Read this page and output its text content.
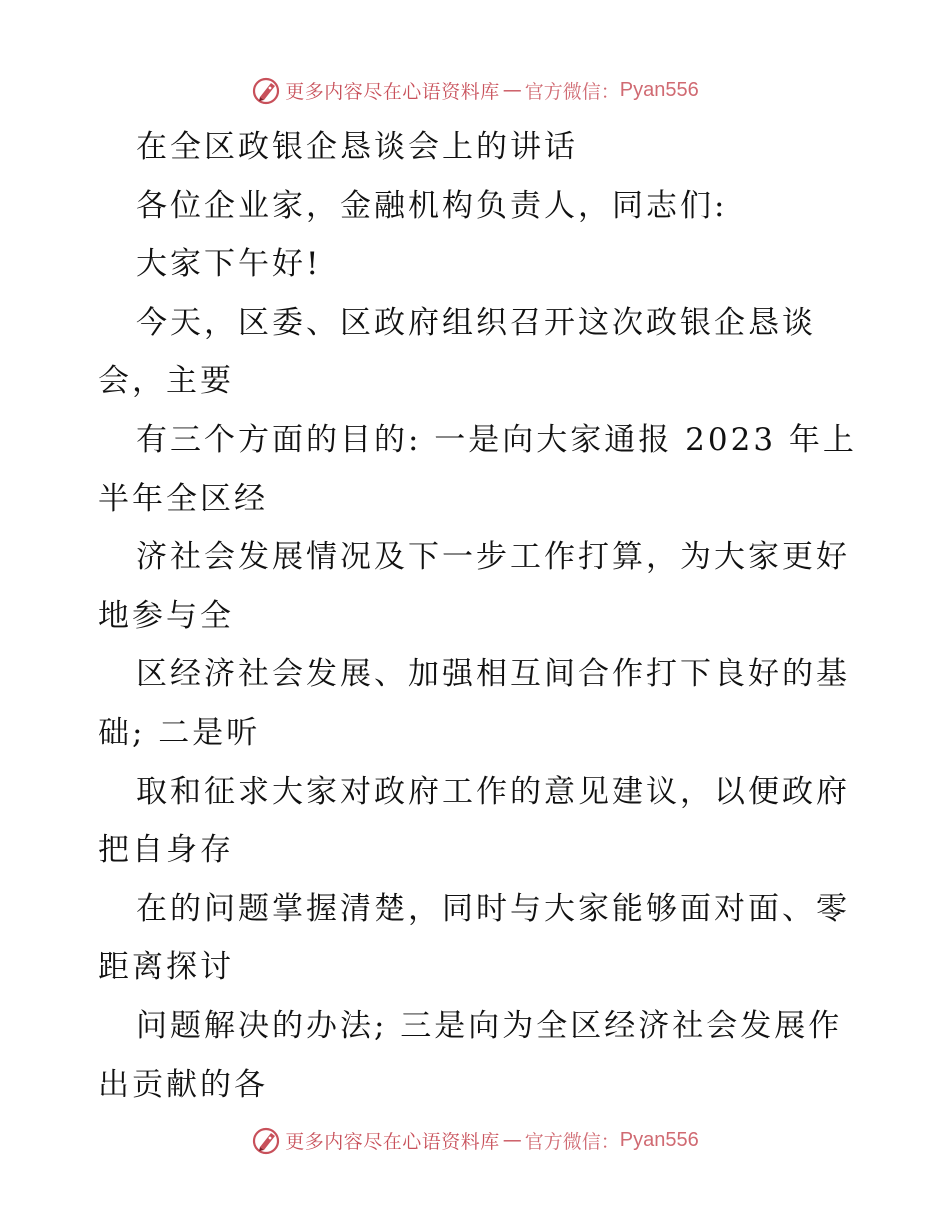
更多内容尽在心语资料库 — 官方微信： Pyan556
在全区政银企恳谈会上的讲话
各位企业家，金融机构负责人，同志们:
大家下午好!
今天，区委、区政府组织召开这次政银企恳谈
会，主要
有三个方面的目的: 一是向大家通报 2023 年上
半年全区经
济社会发展情况及下一步工作打算，为大家更好
地参与全
区经济社会发展、加强相互间合作打下良好的基
础; 二是听
取和征求大家对政府工作的意见建议，以便政府
把自身存
在的问题掌握清楚，同时与大家能够面对面、零
距离探讨
问题解决的办法; 三是向为全区经济社会发展作
出贡献的各
更多内容尽在心语资料库 — 官方微信： Pyan556
